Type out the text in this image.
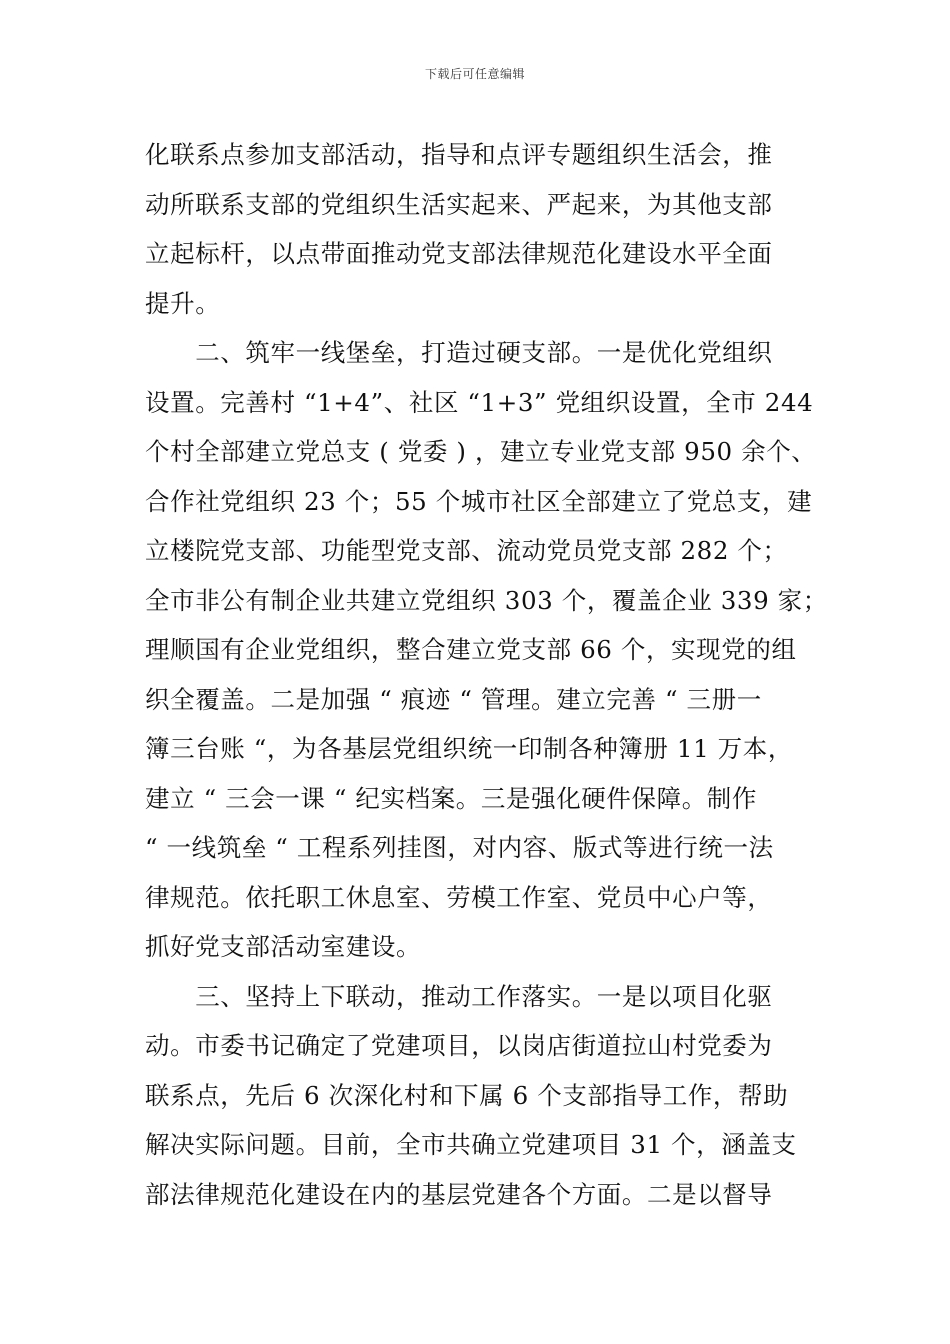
下载后可任意编辑

化联系点参加支部活动，指导和点评专题组织生活会，推

动所联系支部的党组织生活实起来、严起来，为其他支部

立起标杆，以点带面推动党支部法律规范化建设水平全面

提升。

　　二、筑牢一线堡垒，打造过硬支部。一是优化党组织

设置。完善村 “1+4”、社区 “1+3” 党组织设置，全市 244

个村全部建立党总支 ( 党委 ) ，建立专业党支部 950 余个、

合作社党组织 23 个；55 个城市社区全部建立了党总支，建

立楼院党支部、功能型党支部、流动党员党支部 282 个；

全市非公有制企业共建立党组织 303 个，覆盖企业 339 家；

理顺国有企业党组织，整合建立党支部 66 个，实现党的组

织全覆盖。二是加强 “ 痕迹 “ 管理。建立完善 “ 三册一

簿三台账 “，为各基层党组织统一印制各种簿册 11 万本，

建立 “ 三会一课 “ 纪实档案。三是强化硬件保障。制作

“ 一线筑垒 “ 工程系列挂图，对内容、版式等进行统一法

律规范。依托职工休息室、劳模工作室、党员中心户等，

抓好党支部活动室建设。

　　三、坚持上下联动，推动工作落实。一是以项目化驱

动。市委书记确定了党建项目，以岗店街道拉山村党委为

联系点，先后 6 次深化村和下属 6 个支部指导工作，帮助

解决实际问题。目前，全市共确立党建项目 31 个，涵盖支

部法律规范化建设在内的基层党建各个方面。二是以督导
